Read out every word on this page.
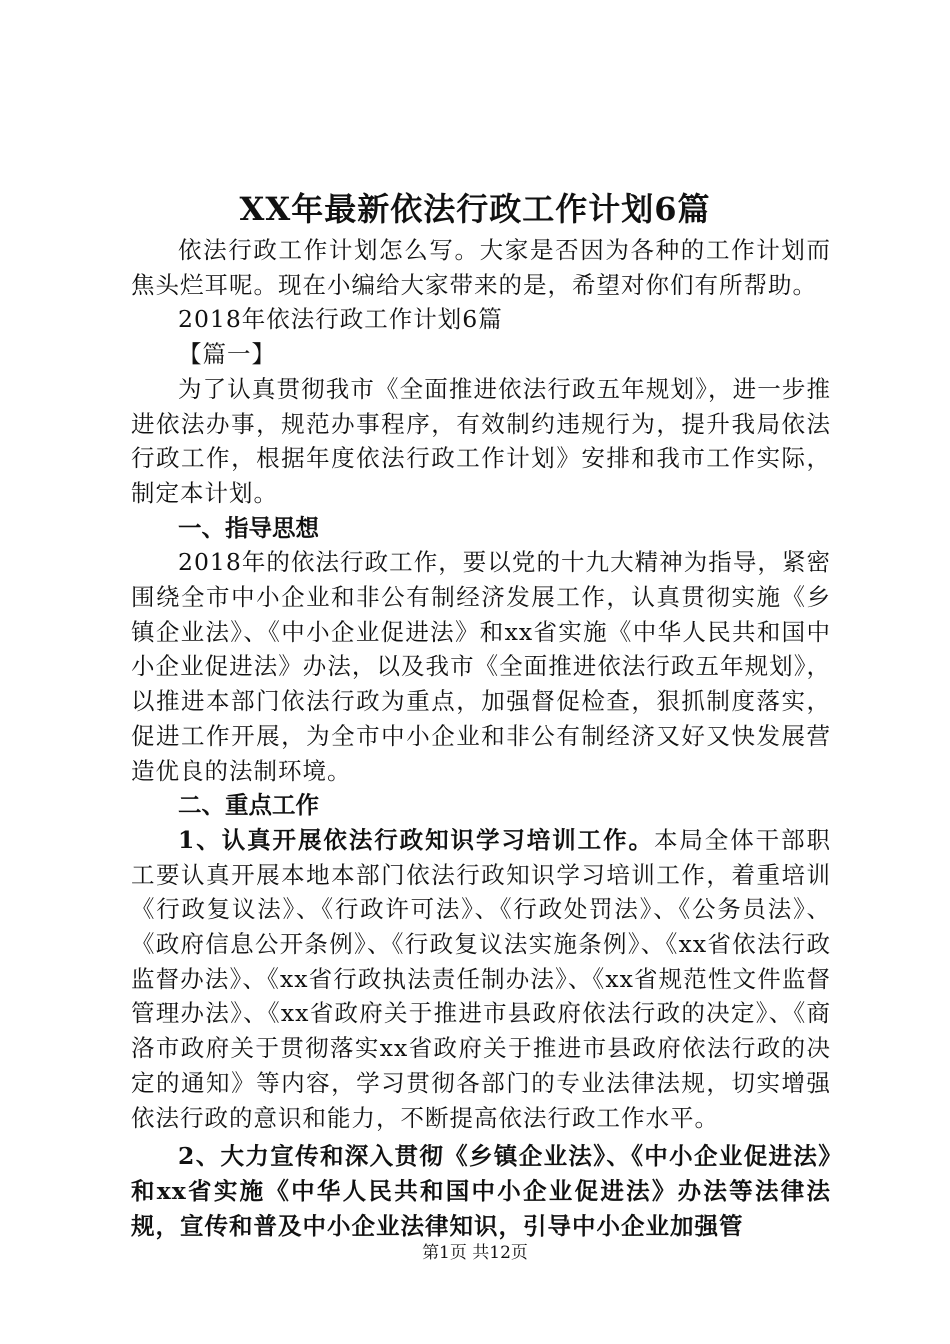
XX年最新依法行政工作计划6篇

依法行政工作计划怎么写。大家是否因为各种的工作计划而焦头烂耳呢。现在小编给大家带来的是，希望对你们有所帮助。

2018年依法行政工作计划6篇

【篇一】

为了认真贯彻我市《全面推进依法行政五年规划》，进一步推进依法办事，规范办事程序，有效制约违规行为，提升我局依法行政工作，根据年度依法行政工作计划》安排和我市工作实际，制定本计划。

一、指导思想

2018年的依法行政工作，要以党的十九大精神为指导，紧密围绕全市中小企业和非公有制经济发展工作，认真贯彻实施《乡镇企业法》、《中小企业促进法》和xx省实施《中华人民共和国中小企业促进法》办法，以及我市《全面推进依法行政五年规划》，以推进本部门依法行政为重点，加强督促检查，狠抓制度落实，促进工作开展，为全市中小企业和非公有制经济又好又快发展营造优良的法制环境。

二、重点工作

1、认真开展依法行政知识学习培训工作。本局全体干部职工要认真开展本地本部门依法行政知识学习培训工作，着重培训《行政复议法》、《行政许可法》、《行政处罚法》、《公务员法》、《政府信息公开条例》、《行政复议法实施条例》、《xx省依法行政监督办法》、《xx省行政执法责任制办法》、《xx省规范性文件监督管理办法》、《xx省政府关于推进市县政府依法行政的决定》、《商洛市政府关于贯彻落实xx省政府关于推进市县政府依法行政的决定的通知》等内容，学习贯彻各部门的专业法律法规，切实增强依法行政的意识和能力，不断提高依法行政工作水平。

2、大力宣传和深入贯彻《乡镇企业法》、《中小企业促进法》和xx省实施《中华人民共和国中小企业促进法》办法等法律法规，宣传和普及中小企业法律知识，引导中小企业加强管

第1页 共12页
